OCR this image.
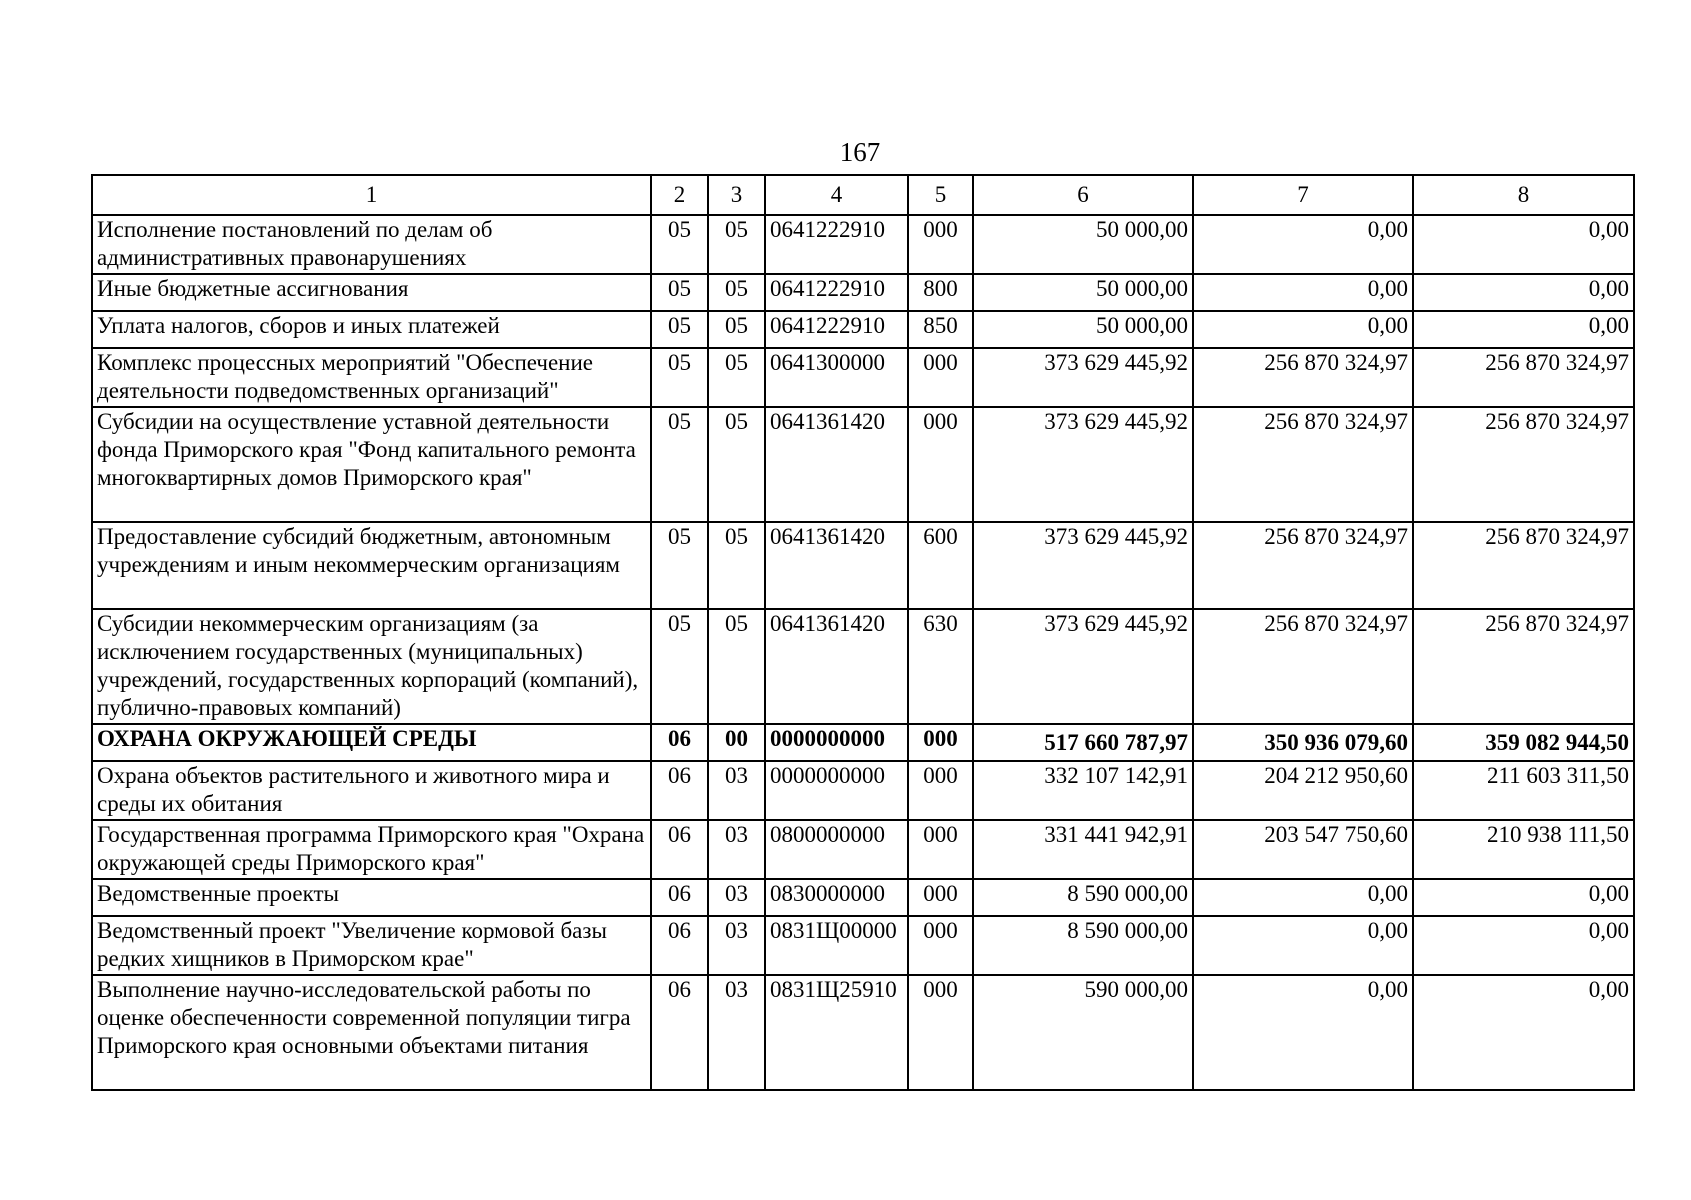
167
1	2	3	4	5	6	7	8
Исполнение постановлений по делам об административных правонарушениях	05	05	0641222910	000	50 000,00	0,00	0,00
Иные бюджетные ассигнования	05	05	0641222910	800	50 000,00	0,00	0,00
Уплата налогов, сборов и иных платежей	05	05	0641222910	850	50 000,00	0,00	0,00
Комплекс процессных мероприятий "Обеспечение деятельности подведомственных организаций"	05	05	0641300000	000	373 629 445,92	256 870 324,97	256 870 324,97
Субсидии на осуществление уставной деятельности фонда Приморского края "Фонд капитального ремонта многоквартирных домов Приморского края"	05	05	0641361420	000	373 629 445,92	256 870 324,97	256 870 324,97
Предоставление субсидий бюджетным, автономным учреждениям и иным некоммерческим организациям	05	05	0641361420	600	373 629 445,92	256 870 324,97	256 870 324,97
Субсидии некоммерческим организациям (за исключением государственных (муниципальных) учреждений, государственных корпораций (компаний), публично-правовых компаний)	05	05	0641361420	630	373 629 445,92	256 870 324,97	256 870 324,97
ОХРАНА ОКРУЖАЮЩЕЙ СРЕДЫ	06	00	0000000000	000	517 660 787,97	350 936 079,60	359 082 944,50
Охрана объектов растительного и животного мира и среды их обитания	06	03	0000000000	000	332 107 142,91	204 212 950,60	211 603 311,50
Государственная программа Приморского края "Охрана окружающей среды Приморского края"	06	03	0800000000	000	331 441 942,91	203 547 750,60	210 938 111,50
Ведомственные проекты	06	03	0830000000	000	8 590 000,00	0,00	0,00
Ведомственный проект "Увеличение кормовой базы редких хищников в Приморском крае"	06	03	0831Щ00000	000	8 590 000,00	0,00	0,00
Выполнение научно-исследовательской работы по оценке обеспеченности современной популяции тигра Приморского края основными объектами питания	06	03	0831Щ25910	000	590 000,00	0,00	0,00
